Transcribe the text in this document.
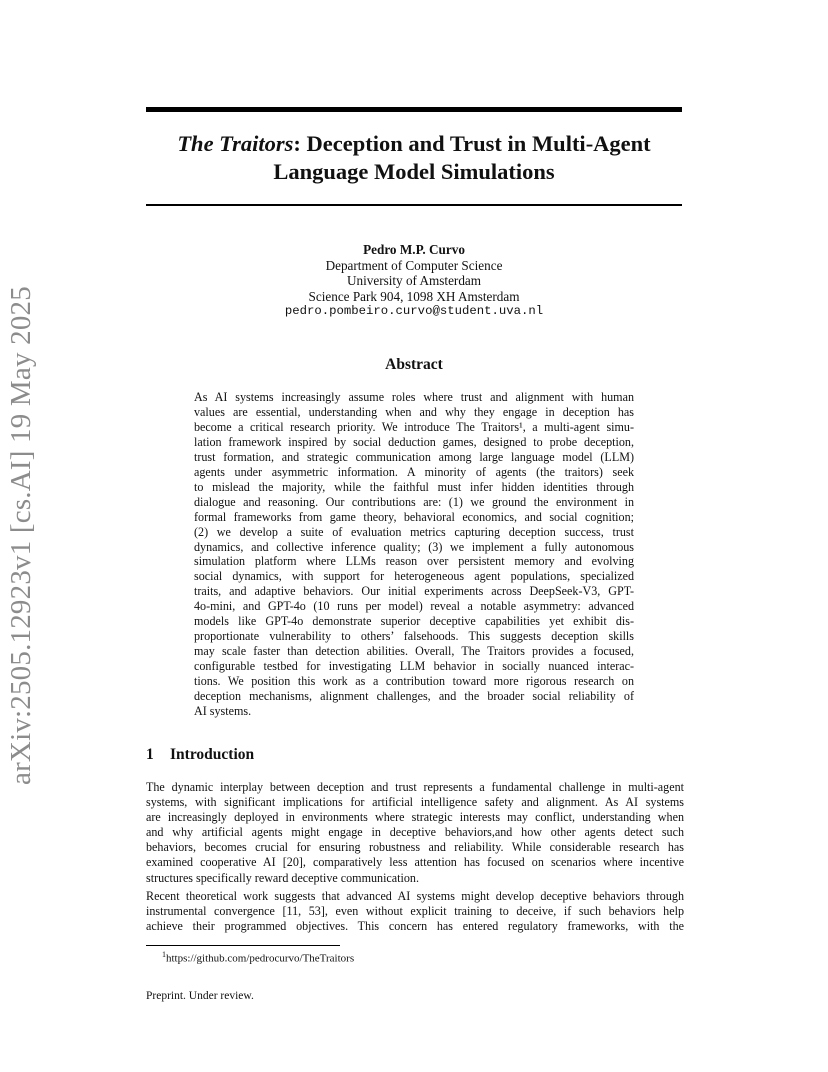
arXiv:2505.12923v1 [cs.AI] 19 May 2025
The Traitors: Deception and Trust in Multi-Agent
Language Model Simulations
Pedro M.P. Curvo
Department of Computer Science
University of Amsterdam
Science Park 904, 1098 XH Amsterdam
pedro.pombeiro.curvo@student.uva.nl
Abstract
As AI systems increasingly assume roles where trust and alignment with human
values are essential, understanding when and why they engage in deception has
become a critical research priority. We introduce The Traitors¹, a multi-agent simu-
lation framework inspired by social deduction games, designed to probe deception,
trust formation, and strategic communication among large language model (LLM)
agents under asymmetric information. A minority of agents (the traitors) seek
to mislead the majority, while the faithful must infer hidden identities through
dialogue and reasoning. Our contributions are: (1) we ground the environment in
formal frameworks from game theory, behavioral economics, and social cognition;
(2) we develop a suite of evaluation metrics capturing deception success, trust
dynamics, and collective inference quality; (3) we implement a fully autonomous
simulation platform where LLMs reason over persistent memory and evolving
social dynamics, with support for heterogeneous agent populations, specialized
traits, and adaptive behaviors. Our initial experiments across DeepSeek-V3, GPT-
4o-mini, and GPT-4o (10 runs per model) reveal a notable asymmetry: advanced
models like GPT-4o demonstrate superior deceptive capabilities yet exhibit dis-
proportionate vulnerability to others’ falsehoods. This suggests deception skills
may scale faster than detection abilities. Overall, The Traitors provides a focused,
configurable testbed for investigating LLM behavior in socially nuanced interac-
tions. We position this work as a contribution toward more rigorous research on
deception mechanisms, alignment challenges, and the broader social reliability of
AI systems.
1 Introduction
The dynamic interplay between deception and trust represents a fundamental challenge in multi-agent
systems, with significant implications for artificial intelligence safety and alignment. As AI systems
are increasingly deployed in environments where strategic interests may conflict, understanding when
and why artificial agents might engage in deceptive behaviors,and how other agents detect such
behaviors, becomes crucial for ensuring robustness and reliability. While considerable research has
examined cooperative AI [20], comparatively less attention has focused on scenarios where incentive
structures specifically reward deceptive communication.
Recent theoretical work suggests that advanced AI systems might develop deceptive behaviors through
instrumental convergence [11, 53], even without explicit training to deceive, if such behaviors help
achieve their programmed objectives. This concern has entered regulatory frameworks, with the
$^1$https://github.com/pedrocurvo/TheTraitors
Preprint. Under review.
